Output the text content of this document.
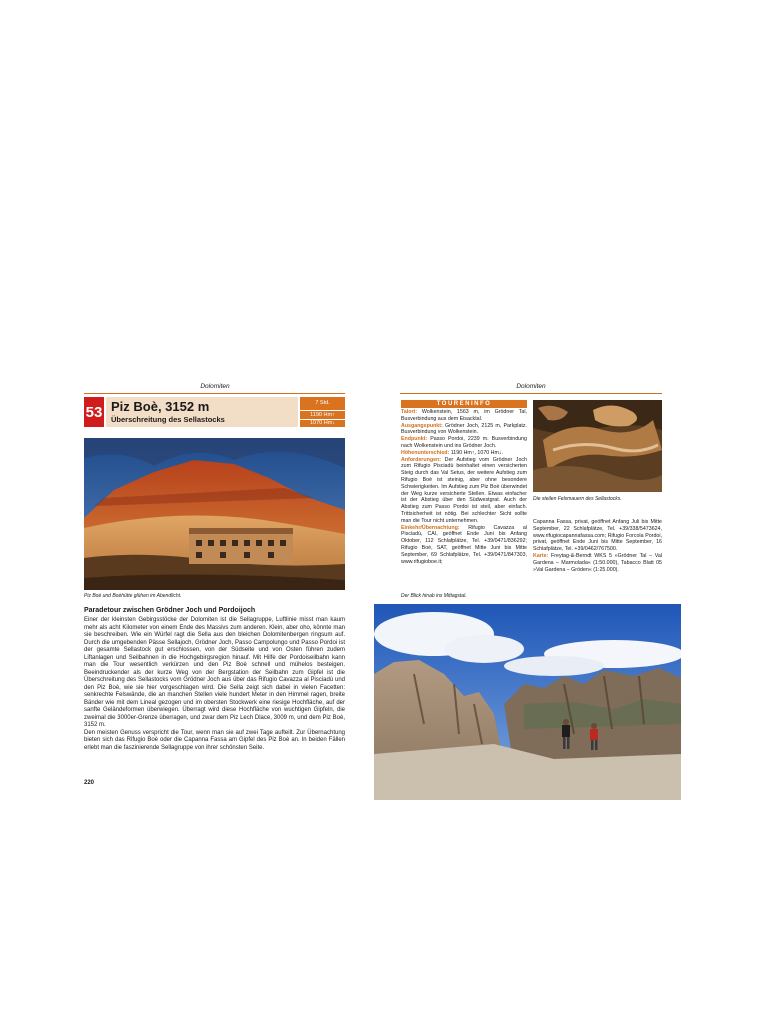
Dolomiten
53 Piz Boè, 3152 m
Überschreitung des Sellastocks
7 Std.
1190 Hm↑
1070 Hm↓
Piz Boè und Boèhütte glühen im Abendlicht.
Paradetour zwischen Grödner Joch und Pordoijoch

Einer der kleinsten Gebirgsstöcke der Dolomiten ist die Sellagruppe, Luftlinie misst man kaum mehr als acht Kilometer von einem Ende des Massivs zum anderen. Klein, aber oho, könnte man sie beschreiben. Wie ein Würfel ragt die Sella aus den bleichen Dolomitenbergen ringsum auf. Durch die umgebenden Pässe Sellajoch, Grödner Joch, Passo Campolungo und Passo Pordoi ist der gesamte Sellastock gut erschlossen, von der Südseite und von Osten führen zudem Liftanlagen und Seilbahnen in die Hochgebirgsregion hinauf. Mit Hilfe der Pordoiseilbahn kann man die Tour wesentlich verkürzen und den Piz Boè schnell und mühelos besteigen. Beeindruckender als der kurze Weg von der Bergstation der Seilbahn zum Gipfel ist die Überschreitung des Sellastocks vom Grödner Joch aus über das Rifugio Cavazza al Pisciadù und den Piz Boè, wie sie hier vorgeschlagen wird. Die Sella zeigt sich dabei in vielen Facetten: senkrechte Felswände, die an manchen Stellen viele hundert Meter in den Himmel ragen, breite Bänder wie mit dem Lineal gezogen und im obersten Stockwerk eine riesige Hochfläche, auf der sanfte Geländeformen überwiegen. Überragt wird diese Hochfläche von wuchtigen Gipfeln, die zweimal die 3000er-Grenze überragen, und zwar dem Piz Lech Dlace, 3009 m, und dem Piz Boè, 3152 m.

Den meisten Genuss verspricht die Tour, wenn man sie auf zwei Tage aufteilt. Zur Übernachtung bieten sich das Rifugio Boè oder die Capanna Fassa am Gipfel des Piz Boè an. In beiden Fällen erlebt man die faszinierende Sellagruppe von ihrer schönsten Seite.

220
Dolomiten
TOURENINFO

Talort: Wolkenstein, 1563 m, im Grödner Tal, Busverbindung aus dem Eisacktal.

Ausgangspunkt: Grödner Joch, 2125 m, Parkplatz. Busverbindung von Wolkenstein.

Endpunkt: Passo Pordoi, 2239 m. Busverbindung nach Wolkenstein und ins Grödner Joch.

Höhenunterschied: 1190 Hm↑, 1070 Hm↓.

Anforderungen: Der Aufstieg vom Grödner Joch zum Rifugio Pisciadù beinhaltet einen versicherten Steig durch das Val Setus, der weitere Aufstieg zum Rifugio Boè ist steinig, aber ohne besondere Schwierigkeiten. Im Aufstieg zum Piz Boè überwindet der Weg kurze versicherte Stellen. Etwas einfacher ist der Abstieg über den Südwestgrat. Auch der Abstieg zum Passo Pordoi ist steil, aber einfach. Trittsicherheit ist nötig. Bei schlechter Sicht sollte man die Tour nicht unternehmen.

Einkehr/Übernachtung: Rifugio Cavazza al Pisciadù, CAI, geöffnet Ende Juni bis Anfang Oktober, 112 Schlafplätze, Tel. +39/0471/836292; Rifugio Boè, SAT, geöffnet Mitte Juni bis Mitte September, 69 Schlafplätze, Tel. +39/0471/847303, www.rifugioboe.it;

Die steilen Felsmauern des Sellastocks.

Capanna Fassa, privat, geöffnet Anfang Juli bis Mitte September, 22 Schlafplätze, Tel. +39/338/5473624, www.rifugiocapannafassa.com; Rifugio Forcola Pordoi, privat, geöffnet Ende Juni bis Mitte September, 16 Schlafplätze, Tel. +39/0462/767500.

Karte: Freytag-&-Berndt WKS 5 »Grödner Tal – Val Gardena – Marmolada« (1:50.000), Tabacco Blatt 05 »Val Gardena – Gröden« (1:25.000).

Der Blick hinab ins Mittagstal.
